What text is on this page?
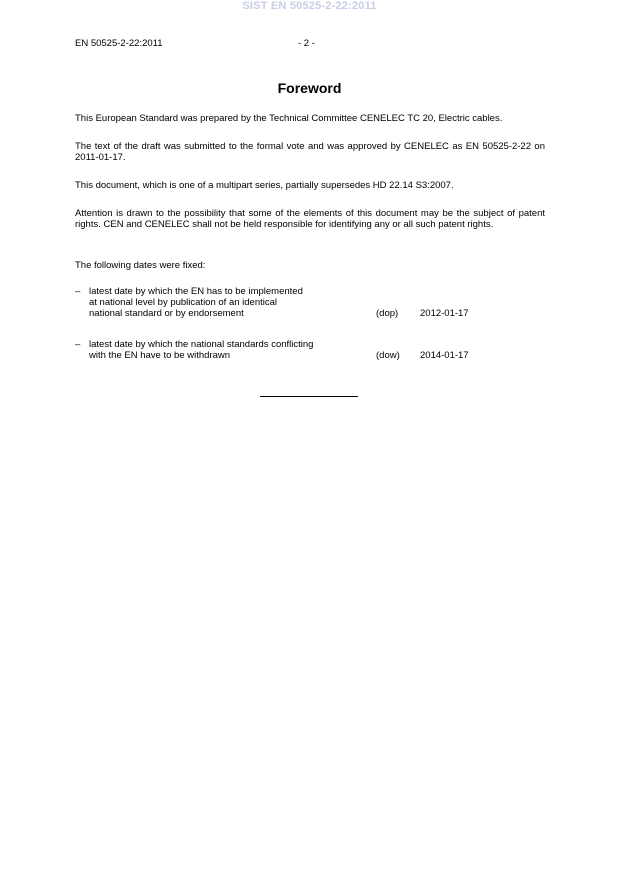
SIST EN 50525-2-22:2011
EN 50525-2-22:2011	- 2 -
Foreword
This European Standard was prepared by the Technical Committee CENELEC TC 20, Electric cables.
The text of the draft was submitted to the formal vote and was approved by CENELEC as EN 50525-2-22 on 2011-01-17.
This document, which is one of a multipart series, partially supersedes HD 22.14 S3:2007.
Attention is drawn to the possibility that some of the elements of this document may be the subject of patent rights. CEN and CENELEC shall not be held responsible for identifying any or all such patent rights.
The following dates were fixed:
– latest date by which the EN has to be implemented
at national level by publication of an identical
national standard or by endorsement	(dop)	2012-01-17
– latest date by which the national standards conflicting
with the EN have to be withdrawn	(dow)	2014-01-17
